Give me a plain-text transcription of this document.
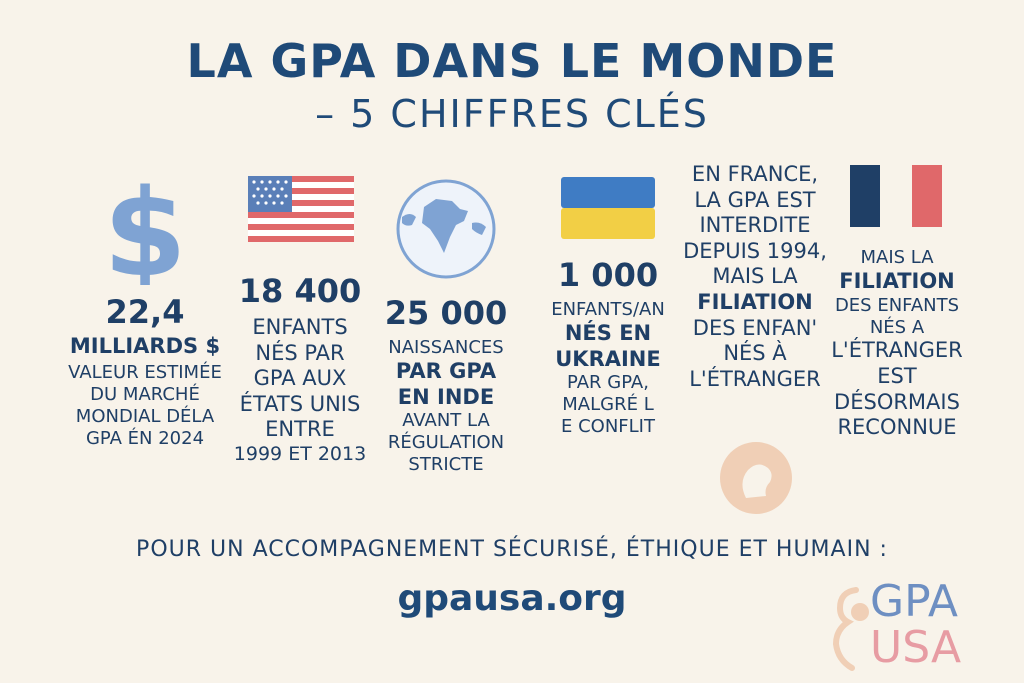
LA GPA DANS LE MONDE
– 5 CHIFFRES CLÉS
$
22,4
MILLIARDS $
VALEUR ESTIMÉE
DU MARCHÉ
MONDIAL DÉLA
GPA ÉN 2024
18 400
ENFANTS
NÉS PAR
GPA AUX
ÉTATS UNIS
ENTRE
1999 ET 2013
25 000
NAISSANCES
PAR GPA
EN INDE
AVANT LA
RÉGULATION
STRICTE
1 000
ENFANTS/AN
NÉS EN
UKRAINE
PAR GPA,
MALGRÉ L
E CONFLIT
EN FRANCE,
LA GPA EST
INTERDITE
DEPUIS 1994,
MAIS LA
FILIATION
DES ENFAN'
NÉS À
L'ÉTRANGER
MAIS LA
FILIATION
DES ENFANTS
NÉS A
L'ÉTRANGER
EST
DÉSORMAIS
RECONNUE
POUR UN ACCOMPAGNEMENT SÉCURISÉ, ÉTHIQUE ET HUMAIN :
gpausa.org	GPA
USA
